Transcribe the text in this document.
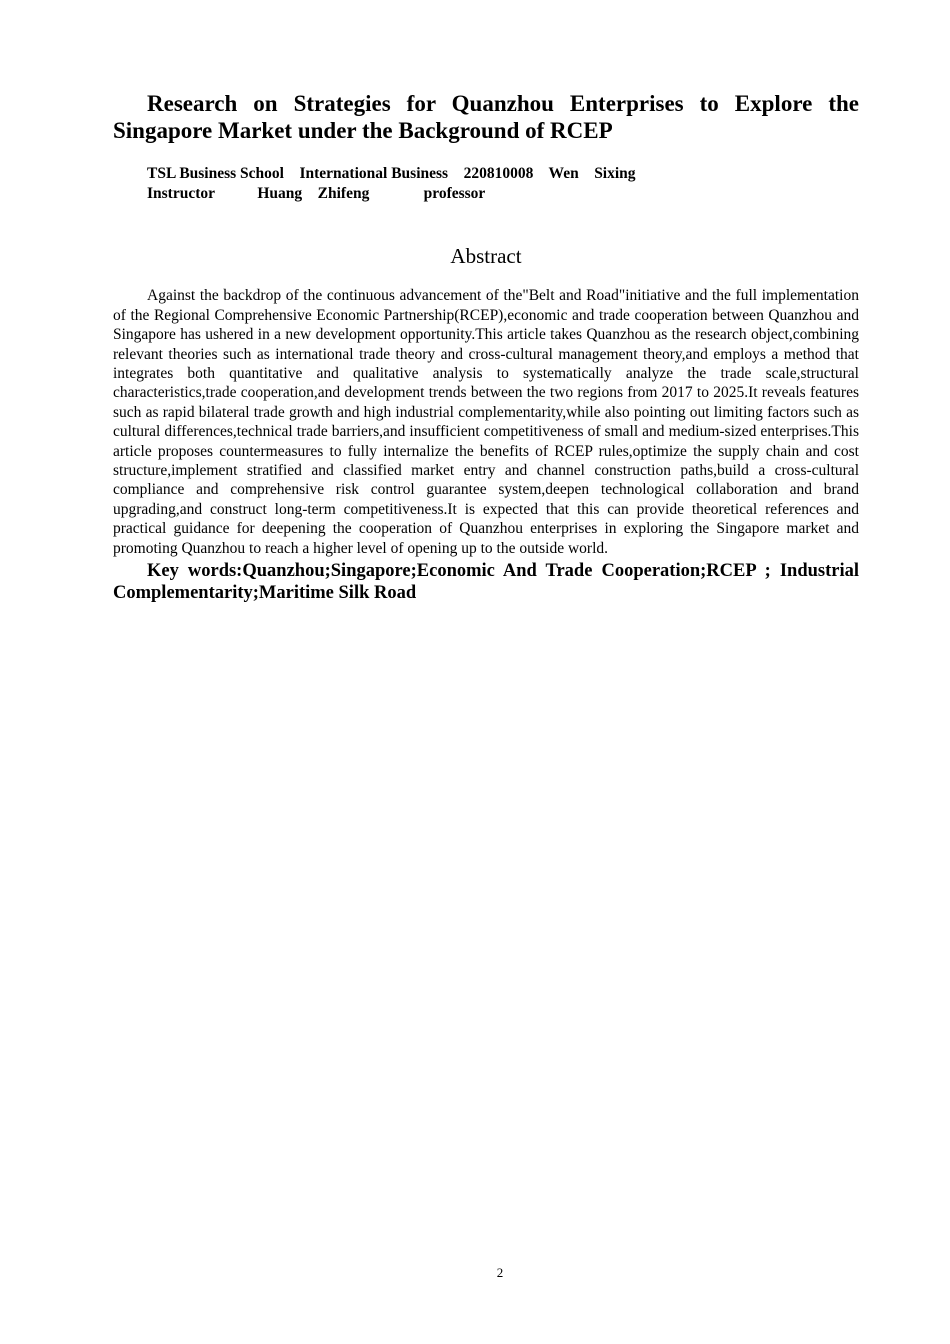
Research on Strategies for Quanzhou Enterprises to Explore the Singapore Market under the Background of RCEP
TSL Business School International Business 220810008 Wen　Sixing
Instructor	Huang　Zhifeng	professor
Abstract

Against the backdrop of the continuous advancement of the"Belt and Road"initiative and the full implementation of the Regional Comprehensive Economic Partnership(RCEP),economic and trade cooperation between Quanzhou and Singapore has ushered in a new development opportunity.This article takes Quanzhou as the research object,combining relevant theories such as international trade theory and cross-cultural management theory,and employs a method that integrates both quantitative and qualitative analysis to systematically analyze the trade scale,structural characteristics,trade cooperation,and development trends between the two regions from 2017 to 2025.It reveals features such as rapid bilateral trade growth and high industrial complementarity,while also pointing out limiting factors such as cultural differences,technical trade barriers,and insufficient competitiveness of small and medium-sized enterprises.This article proposes countermeasures to fully internalize the benefits of RCEP rules,optimize the supply chain and cost structure,implement stratified and classified market entry and channel construction paths,build a cross-cultural compliance and comprehensive risk control guarantee system,deepen technological collaboration and brand upgrading,and construct long-term competitiveness.It is expected that this can provide theoretical references and practical guidance for deepening the cooperation of Quanzhou enterprises in exploring the Singapore market and promoting Quanzhou to reach a higher level of opening up to the outside world.

Key words:Quanzhou;Singapore;Economic And Trade Cooperation;RCEP ; Industrial Complementarity;Maritime Silk Road

2
